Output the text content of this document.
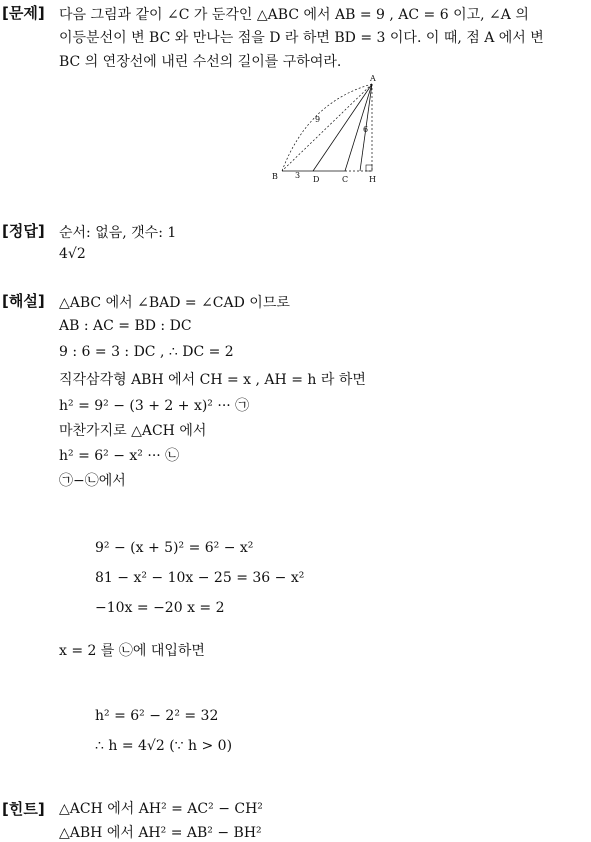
[문제] 다음 그림과 같이 ∠C 가 둔각인 △ABC 에서 AB = 9 , AC = 6 이고, ∠A 의
이등분선이 변 BC 와 만나는 점을 D 라 하면 BD = 3 이다. 이 때, 점 A 에서 변
BC 의 연장선에 내린 수선의 길이를 구하여라.
A
B	D	C	H
9
6
3
[정답] 순서: 없음, 갯수: 1
4√2
[해설] △ABC 에서 ∠BAD = ∠CAD 이므로
AB : AC = BD : DC
9 : 6 = 3 : DC , ∴ DC = 2
직각삼각형 ABH 에서 CH = x , AH = h 라 하면
h² = 9² − (3 + 2 + x)² ··· ㉠
마찬가지로 △ACH 에서
h² = 6² − x² ··· ㉡
㉠−㉡에서
9² − (x + 5)² = 6² − x²
81 − x² − 10x − 25 = 36 − x²
−10x = −20 x = 2
x = 2 를 ㉡에 대입하면
h² = 6² − 2² = 32
∴ h = 4√2 (∵ h > 0)
[힌트] △ACH 에서 AH² = AC² − CH²
△ABH 에서 AH² = AB² − BH²
